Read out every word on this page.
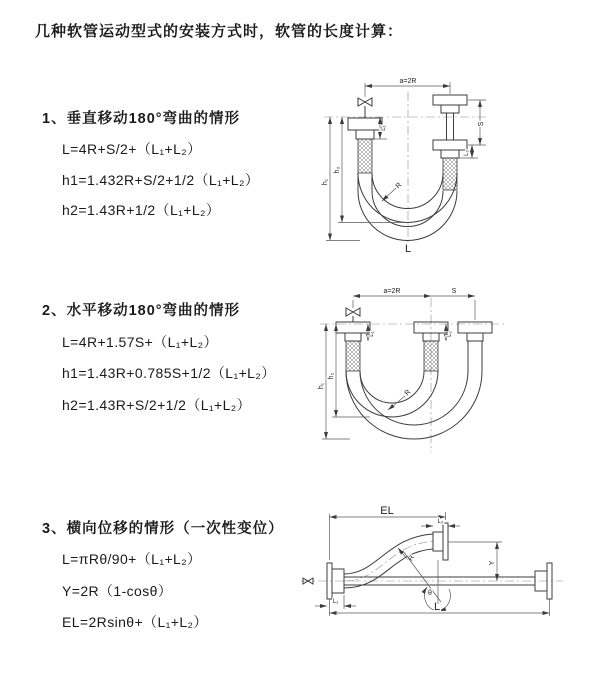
几种软管运动型式的安装方式时，软管的长度计算：
1、垂直移动180°弯曲的情形
L=4R+S/2+（L₁+L₂）
h1=1.432R+S/2+1/2（L₁+L₂）
h2=1.43R+1/2（L₁+L₂）
2、水平移动180°弯曲的情形
L=4R+1.57S+（L₁+L₂）
h1=1.43R+0.785S+1/2（L₁+L₂）
h2=1.43R+S/2+1/2（L₁+L₂）
3、横向位移的情形（一次性变位）
L=πRθ/90+（L₁+L₂）
Y=2R（1-cosθ）
EL=2Rsinθ+（L₁+L₂）
a=2R
R
h₁
h₂
L₁
S
L₂
L
a=2R	S
R
h₁
h₂
L₁	L₂
EL
L₂
Y
R
θ
L₁	L
